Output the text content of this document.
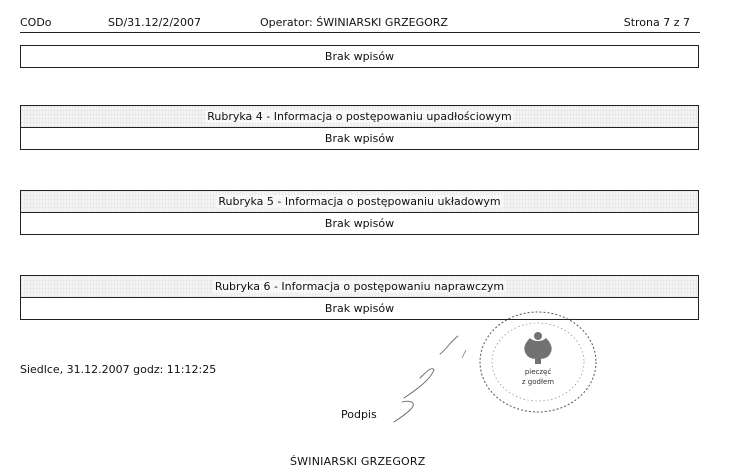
CODo	SD/31.12/2/2007	Operator: ŚWINIARSKI GRZEGORZ	Strona 7 z 7
Brak wpisów
Rubryka 4 - Informacja o postępowaniu upadłościowym
Brak wpisów
Rubryka 5 - Informacja o postępowaniu układowym
Brak wpisów
Rubryka 6 - Informacja o postępowaniu naprawczym
Brak wpisów
Siedlce, 31.12.2007 godz: 11:12:25	pieczęć
z godłem
Podpis
ŚWINIARSKI GRZEGORZ
